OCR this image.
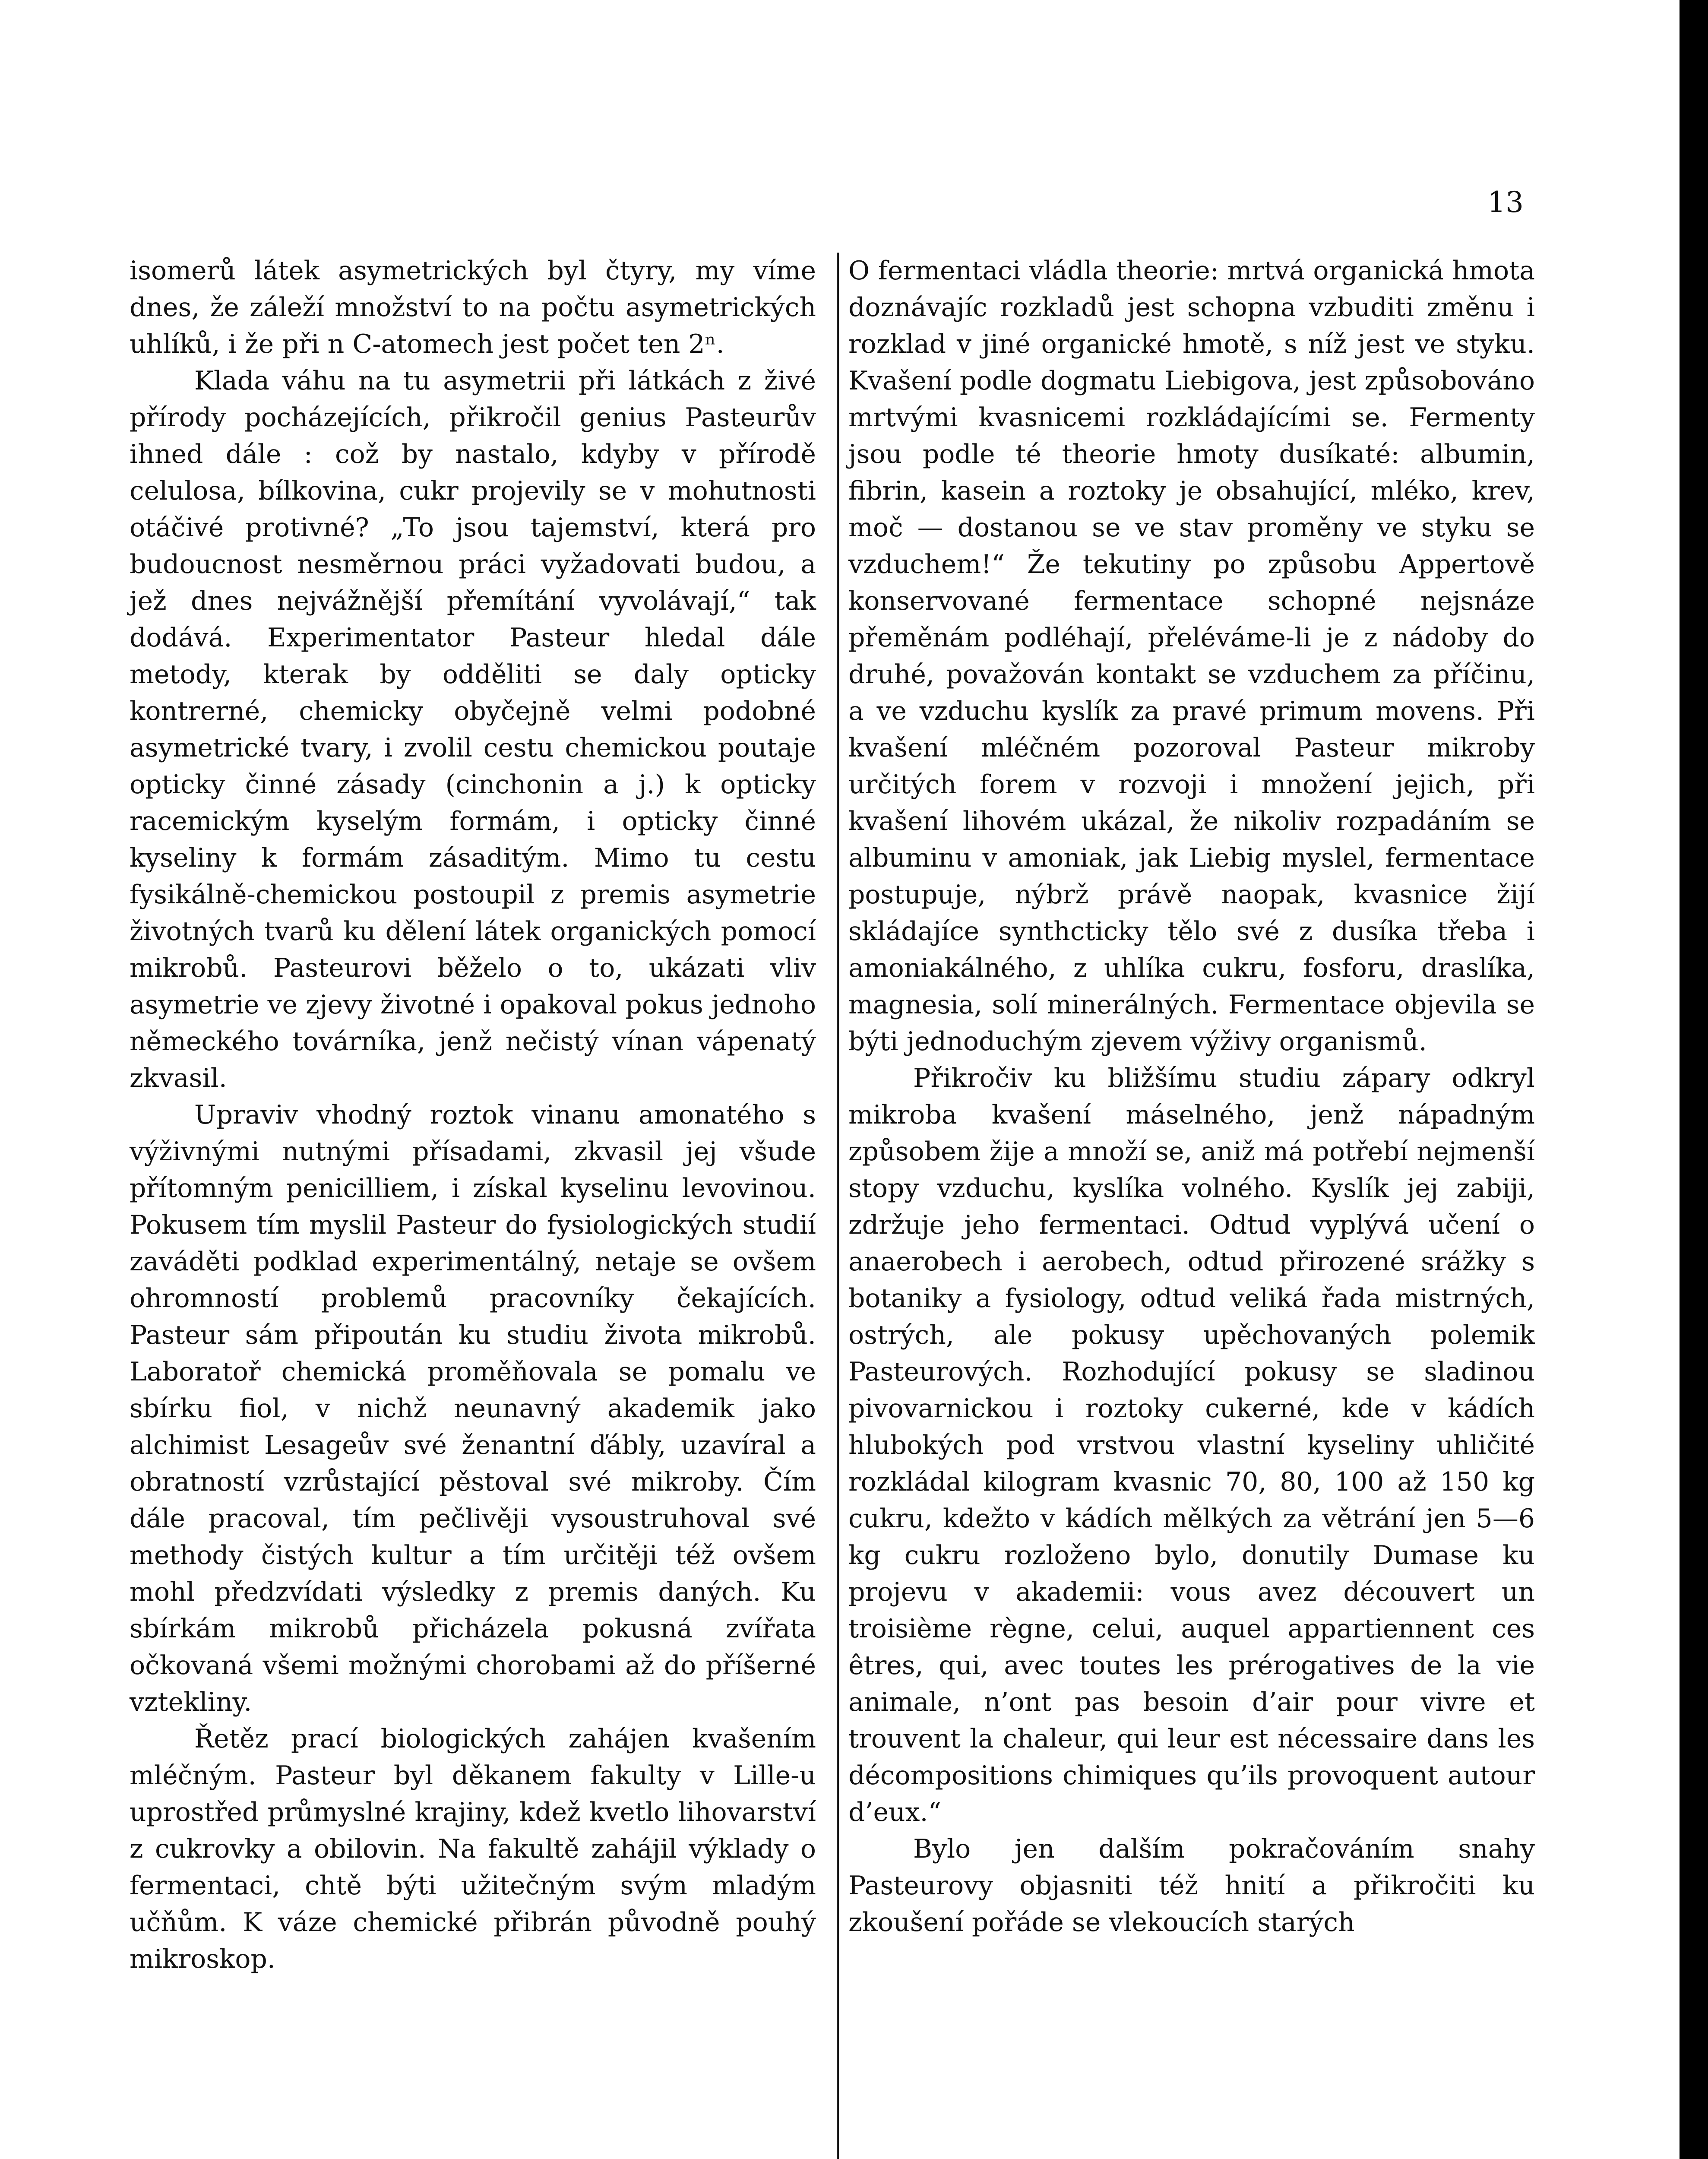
13

isomerů látek asymetrických byl čtyry, my víme dnes, že záleží množství to na počtu asymetrických uhlíků, i že při n C-atomech jest počet ten 2ⁿ.

Klada váhu na tu asymetrii při látkách z živé přírody pocházejících, přikročil genius Pasteurův ihned dále : což by nastalo, kdyby v přírodě celulosa, bílkovina, cukr projevily se v mohutnosti otáčivé protivné? „To jsou tajemství, která pro budoucnost nesměrnou práci vyžadovati budou, a jež dnes nejvážnější přemítání vyvolávají,“ tak dodává. Experimentator Pasteur hledal dále metody, kterak by odděliti se daly opticky kontrerné, chemicky obyčejně velmi podobné asymetrické tvary, i zvolil cestu chemickou poutaje opticky činné zásady (cinchonin a j.) k opticky racemickým kyselým formám, i opticky činné kyseliny k formám zásaditým. Mimo tu cestu fysikálně-chemickou postoupil z premis asymetrie životných tvarů ku dělení látek organických pomocí mikrobů. Pasteurovi běželo o to, ukázati vliv asymetrie ve zjevy životné i opakoval pokus jednoho německého továrníka, jenž nečistý vínan vápenatý zkvasil.

Upraviv vhodný roztok vinanu amonatého s výživnými nutnými přísadami, zkvasil jej všude přítomným penicilliem, i získal kyselinu levovinou. Pokusem tím myslil Pasteur do fysiologických studií zaváděti podklad experimentálný, netaje se ovšem ohromností problemů pracovníky čekajících. Pasteur sám připoután ku studiu života mikrobů. Laboratoř chemická proměňovala se pomalu ve sbírku fiol, v nichž neunavný akademik jako alchimist Lesageův své ženantní ďábly, uzavíral a obratností vzrůstající pěstoval své mikroby. Čím dále pracoval, tím pečlivěji vysoustruhoval své methody čistých kultur a tím určitěji též ovšem mohl předzvídati výsledky z premis daných. Ku sbírkám mikrobů přicházela pokusná zvířata očkovaná všemi možnými chorobami až do příšerné vztekliny.

Řetěz prací biologických zahájen kvašením mléčným. Pasteur byl děkanem fakulty v Lille-u uprostřed průmyslné krajiny, kdež kvetlo lihovarství z cukrovky a obilovin. Na fakultě zahájil výklady o fermentaci, chtě býti užitečným svým mladým učňům. K váze chemické přibrán původně pouhý mikroskop.

O fermentaci vládla theorie: mrtvá organická hmota doznávajíc rozkladů jest schopna vzbuditi změnu i rozklad v jiné organické hmotě, s níž jest ve styku. Kvašení podle dogmatu Liebigova, jest způsobováno mrtvými kvasnicemi rozkládajícími se. Fermenty jsou podle té theorie hmoty dusíkaté: albumin, fibrin, kasein a roztoky je obsahující, mléko, krev, moč — dostanou se ve stav proměny ve styku se vzduchem!“ Že tekutiny po způsobu Appertově konservované fermentace schopné nejsnáze přeměnám podléhají, přeléváme-li je z nádoby do druhé, považován kontakt se vzduchem za příčinu, a ve vzduchu kyslík za pravé primum movens. Při kvašení mléčném pozoroval Pasteur mikroby určitých forem v rozvoji i množení jejich, při kvašení lihovém ukázal, že nikoliv rozpadáním se albuminu v amoniak, jak Liebig myslel, fermentace postupuje, nýbrž právě naopak, kvasnice žijí skládajíce synthcticky tělo své z dusíka třeba i amoniakálného, z uhlíka cukru, fosforu, draslíka, magnesia, solí minerálných. Fermentace objevila se býti jednoduchým zjevem výživy organismů.

Přikročiv ku bližšímu studiu zápary odkryl mikroba kvašení máselného, jenž nápadným způsobem žije a množí se, aniž má potřebí nejmenší stopy vzduchu, kyslíka volného. Kyslík jej zabiji, zdržuje jeho fermentaci. Odtud vyplývá učení o anaerobech i aerobech, odtud přirozené srážky s botaniky a fysiology, odtud veliká řada mistrných, ostrých, ale pokusy upěchovaných polemik Pasteurových. Rozhodující pokusy se sladinou pivovarnickou i roztoky cukerné, kde v kádích hlubokých pod vrstvou vlastní kyseliny uhličité rozkládal kilogram kvasnic 70, 80, 100 až 150 kg cukru, kdežto v kádích mělkých za větrání jen 5—6 kg cukru rozloženo bylo, donutily Dumase ku projevu v akademii: vous avez découvert un troisième règne, celui, auquel appartiennent ces êtres, qui, avec toutes les prérogatives de la vie animale, n’ont pas besoin d’air pour vivre et trouvent la chaleur, qui leur est nécessaire dans les décompositions chimiques qu’ils provoquent autour d’eux.“

Bylo jen dalším pokračováním snahy Pasteurovy objasniti též hnití a přikročiti ku zkoušení pořáde se vlekoucích starých
